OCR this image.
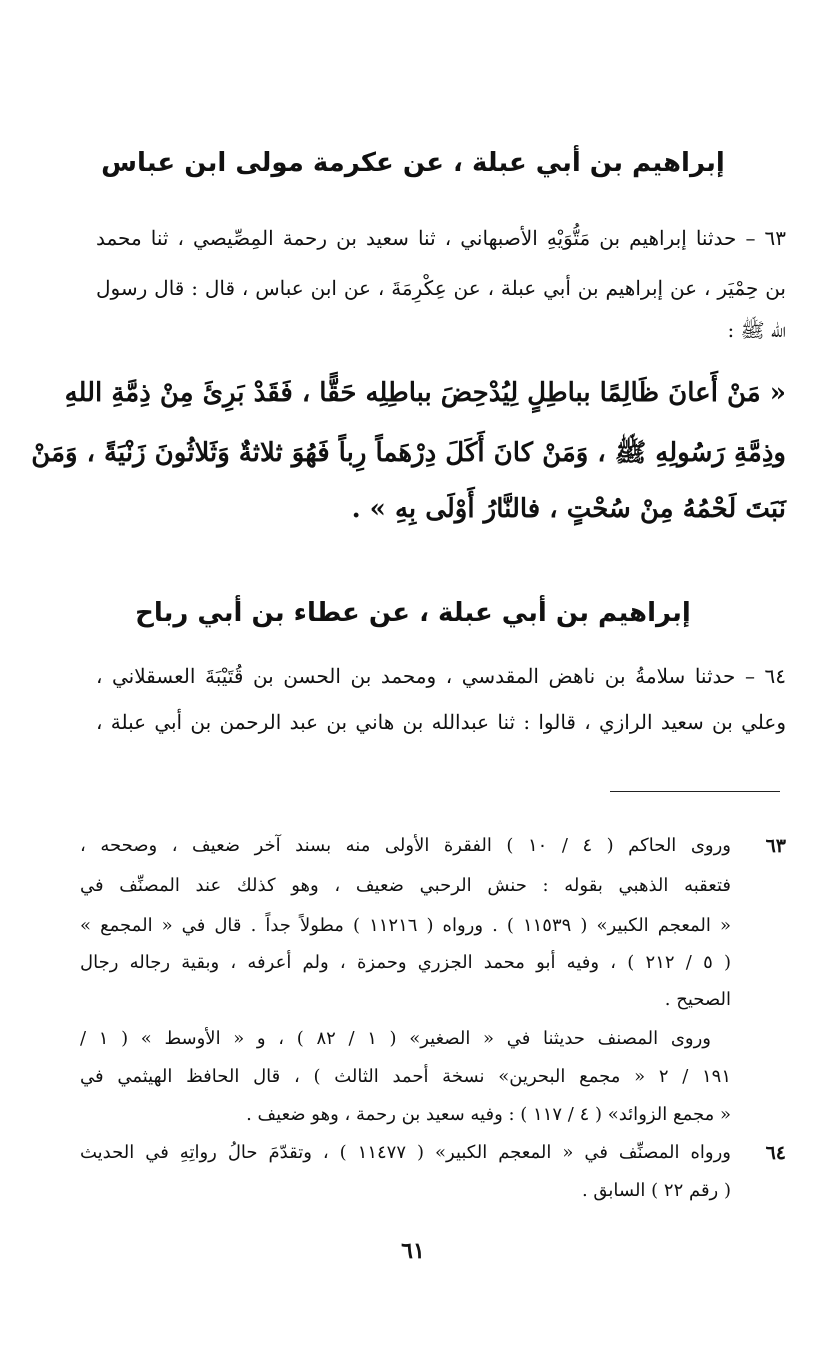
إبراهيم بن أبي عبلة ، عن عكرمة مولى ابن عباس
٦٣ – حدثنا إبراهيم بن مَتُّوَيْهِ الأصبهاني ، ثنا سعيد بن رحمة المِصِّيصي ، ثنا محمد
بن حِمْيَر ، عن إبراهيم بن أبي عبلة ، عن عِكْرِمَةَ ، عن ابن عباس ، قال : قال رسول
الله ﷺ :
« مَنْ أَعانَ ظَالِمًا بباطِلٍ لِيُدْحِضَ بباطِلِه حَقًّا ، فَقَدْ بَرِئَ مِنْ ذِمَّةِ اللهِ
وذِمَّةِ رَسُولِهِ ﷺ ، وَمَنْ كانَ أَكَلَ دِرْهَماً رِباً فَهُوَ ثلاثةٌ وَثَلاثُونَ زَنْيَةً ، وَمَنْ
نَبَتَ لَحْمُهُ مِنْ سُحْتٍ ، فالنَّارُ أَوْلَى بِهِ » .
إبراهيم بن أبي عبلة ، عن عطاء بن أبي رباح
٦٤ – حدثنا سلامةُ بن ناهض المقدسي ، ومحمد بن الحسن بن قُتَيْبَةَ العسقلاني ،
وعلي بن سعيد الرازي ، قالوا : ثنا عبدالله بن هاني بن عبد الرحمن بن أبي عبلة ،
٦٣
وروى الحاكم ( ٤ / ١٠ ) الفقرة الأولى منه بسند آخر ضعيف ، وصححه ،
فتعقبه الذهبي بقوله : حنش الرحبي ضعيف ، وهو كذلك عند المصنِّف في
« المعجم الكبير» ( ١١٥٣٩ ) . ورواه ( ١١٢١٦ ) مطولاً جداً . قال في « المجمع »
( ٥ / ٢١٢ ) ، وفيه أبو محمد الجزري وحمزة ، ولم أعرفه ، وبقية رجاله رجال
الصحيح .
وروى المصنف حديثنا في « الصغير» ( ١ / ٨٢ ) ، و « الأوسط » ( ١ /
١٩١ / ٢ « مجمع البحرين» نسخة أحمد الثالث ) ، قال الحافظ الهيثمي في
« مجمع الزوائد» ( ٤ / ١١٧ ) : وفيه سعيد بن رحمة ، وهو ضعيف .
٦٤
ورواه المصنِّف في « المعجم الكبير» ( ١١٤٧٧ ) ، وتقدّمَ حالُ رواتِهِ في الحديث
( رقم ٢٢ ) السابق .
٦١
